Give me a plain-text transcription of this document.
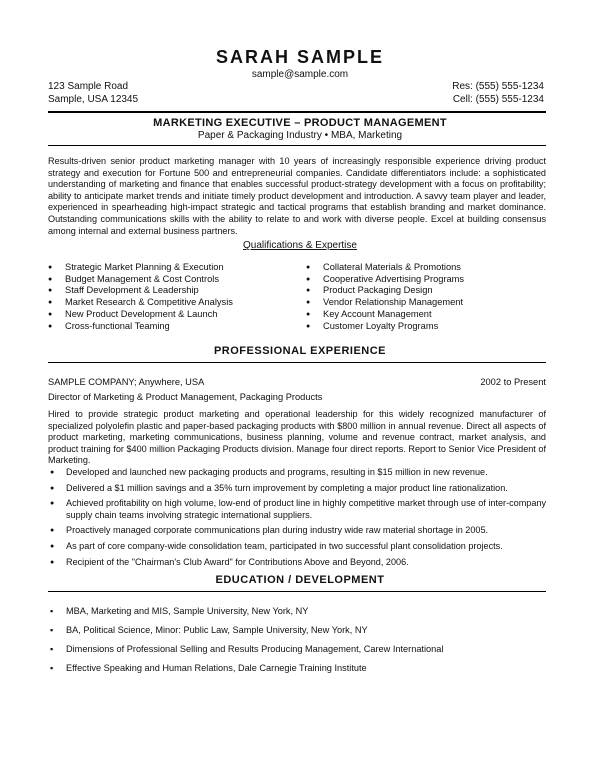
SARAH SAMPLE
sample@sample.com
123 Sample Road
Sample, USA 12345
Res: (555) 555-1234
Cell: (555) 555-1234
MARKETING EXECUTIVE – PRODUCT MANAGEMENT
Paper & Packaging Industry • MBA, Marketing
Results-driven senior product marketing manager with 10 years of increasingly responsible experience driving product strategy and execution for Fortune 500 and entrepreneurial companies. Candidate differentiators include: a sophisticated understanding of marketing and finance that enables successful product-strategy development with a focus on profitability; ability to anticipate market trends and initiate timely product development and introduction. A savvy team player and leader, experienced in spearheading high-impact strategic and tactical programs that establish branding and market dominance. Outstanding communications skills with the ability to relate to and work with diverse people. Excel at building consensus among internal and external business partners.
Qualifications & Expertise
● Strategic Market Planning & Execution
● Budget Management & Cost Controls
● Staff Development & Leadership
● Market Research & Competitive Analysis
● New Product Development & Launch
● Cross-functional Teaming
● Collateral Materials & Promotions
● Cooperative Advertising Programs
● Product Packaging Design
● Vendor Relationship Management
● Key Account Management
● Customer Loyalty Programs
PROFESSIONAL EXPERIENCE
SAMPLE COMPANY; Anywhere, USA	2002 to Present
Director of Marketing & Product Management, Packaging Products
Hired to provide strategic product marketing and operational leadership for this widely recognized manufacturer of specialized polyolefin plastic and paper-based packaging products with $800 million in annual revenue. Direct all aspects of product marketing, marketing communications, business planning, volume and revenue contract, market analysis, and product training for $400 million Packaging Products division. Manage four direct reports. Report to Senior Vice President of Marketing.
● Developed and launched new packaging products and programs, resulting in $15 million in new revenue.
● Delivered a $1 million savings and a 35% turn improvement by completing a major product line rationalization.
● Achieved profitability on high volume, low-end of product line in highly competitive market through use of inter-company supply chain teams involving strategic international suppliers.
● Proactively managed corporate communications plan during industry wide raw material shortage in 2005.
● As part of core company-wide consolidation team, participated in two successful plant consolidation projects.
● Recipient of the "Chairman's Club Award" for Contributions Above and Beyond, 2006.
EDUCATION / DEVELOPMENT
▪ MBA, Marketing and MIS, Sample University, New York, NY
▪ BA, Political Science, Minor: Public Law, Sample University, New York, NY
▪ Dimensions of Professional Selling and Results Producing Management, Carew International
▪ Effective Speaking and Human Relations, Dale Carnegie Training Institute
